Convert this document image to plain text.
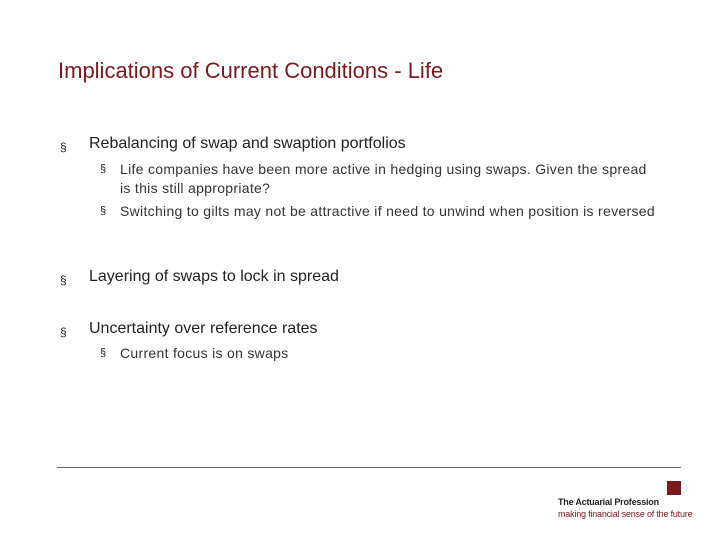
Implications of Current Conditions - Life
§ Rebalancing of swap and swaption portfolios
§ Life companies have been more active in hedging using swaps. Given the spread is this still appropriate?
§ Switching to gilts may not be attractive if need to unwind when position is reversed
§ Layering of swaps to lock in spread
§ Uncertainty over reference rates
§ Current focus is on swaps
The Actuarial Profession
making financial sense of the future
